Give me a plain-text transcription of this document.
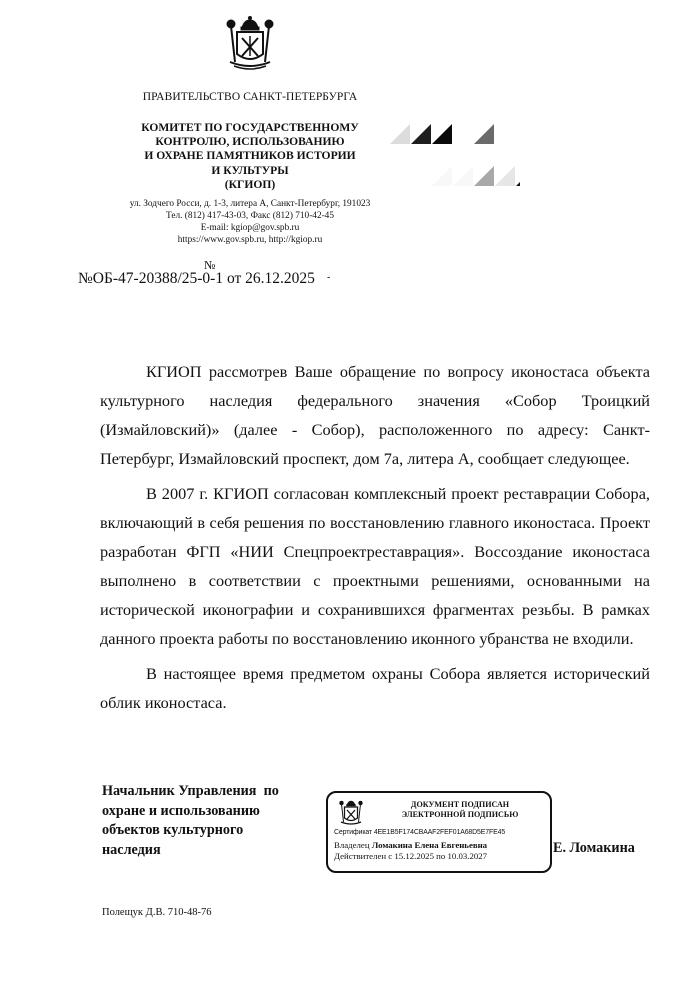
ПРАВИТЕЛЬСТВО САНКТ-ПЕТЕРБУРГА
КОМИТЕТ ПО ГОСУДАРСТВЕННОМУ
КОНТРОЛЮ, ИСПОЛЬЗОВАНИЮ
И ОХРАНЕ ПАМЯТНИКОВ ИСТОРИИ
И КУЛЬТУРЫ
(КГИОП)
ул. Зодчего Росси, д. 1-3, литера А, Санкт-Петербург, 191023
Тел. (812) 417-43-03, Факс (812) 710-42-45
E-mail: kgiop@gov.spb.ru
https://www.gov.spb.ru, http://kgiop.ru
№
№ОБ-47-20388/25-0-1 от 26.12.2025 -

КГИОП рассмотрев Ваше обращение по вопросу иконостаса объекта культурного наследия федерального значения «Собор Троицкий (Измайловский)» (далее - Собор), расположенного по адресу: Санкт-Петербург, Измайловский проспект, дом 7а, литера А, сообщает следующее.

В 2007 г. КГИОП согласован комплексный проект реставрации Собора, включающий в себя решения по восстановлению главного иконостаса. Проект разработан ФГП «НИИ Спецпроектреставрация». Воссоздание иконостаса выполнено в соответствии с проектными решениями, основанными на исторической иконографии и сохранившихся фрагментах резьбы. В рамках данного проекта работы по восстановлению иконного убранства не входили.

В настоящее время предметом охраны Собора является исторический облик иконостаса.

Начальник Управления  по
охране и использованию
объектов культурного
наследия
ДОКУМЕНТ ПОДПИСАН
ЭЛЕКТРОННОЙ ПОДПИСЬЮ
Сертификат 4EE1B5F174CBAAF2FEF01A68D5E7FE45
Владелец Ломакина Елена Евгеньевна
Действителен с 15.12.2025 по 10.03.2027	Е. Ломакина
Полещук Д.В. 710-48-76
